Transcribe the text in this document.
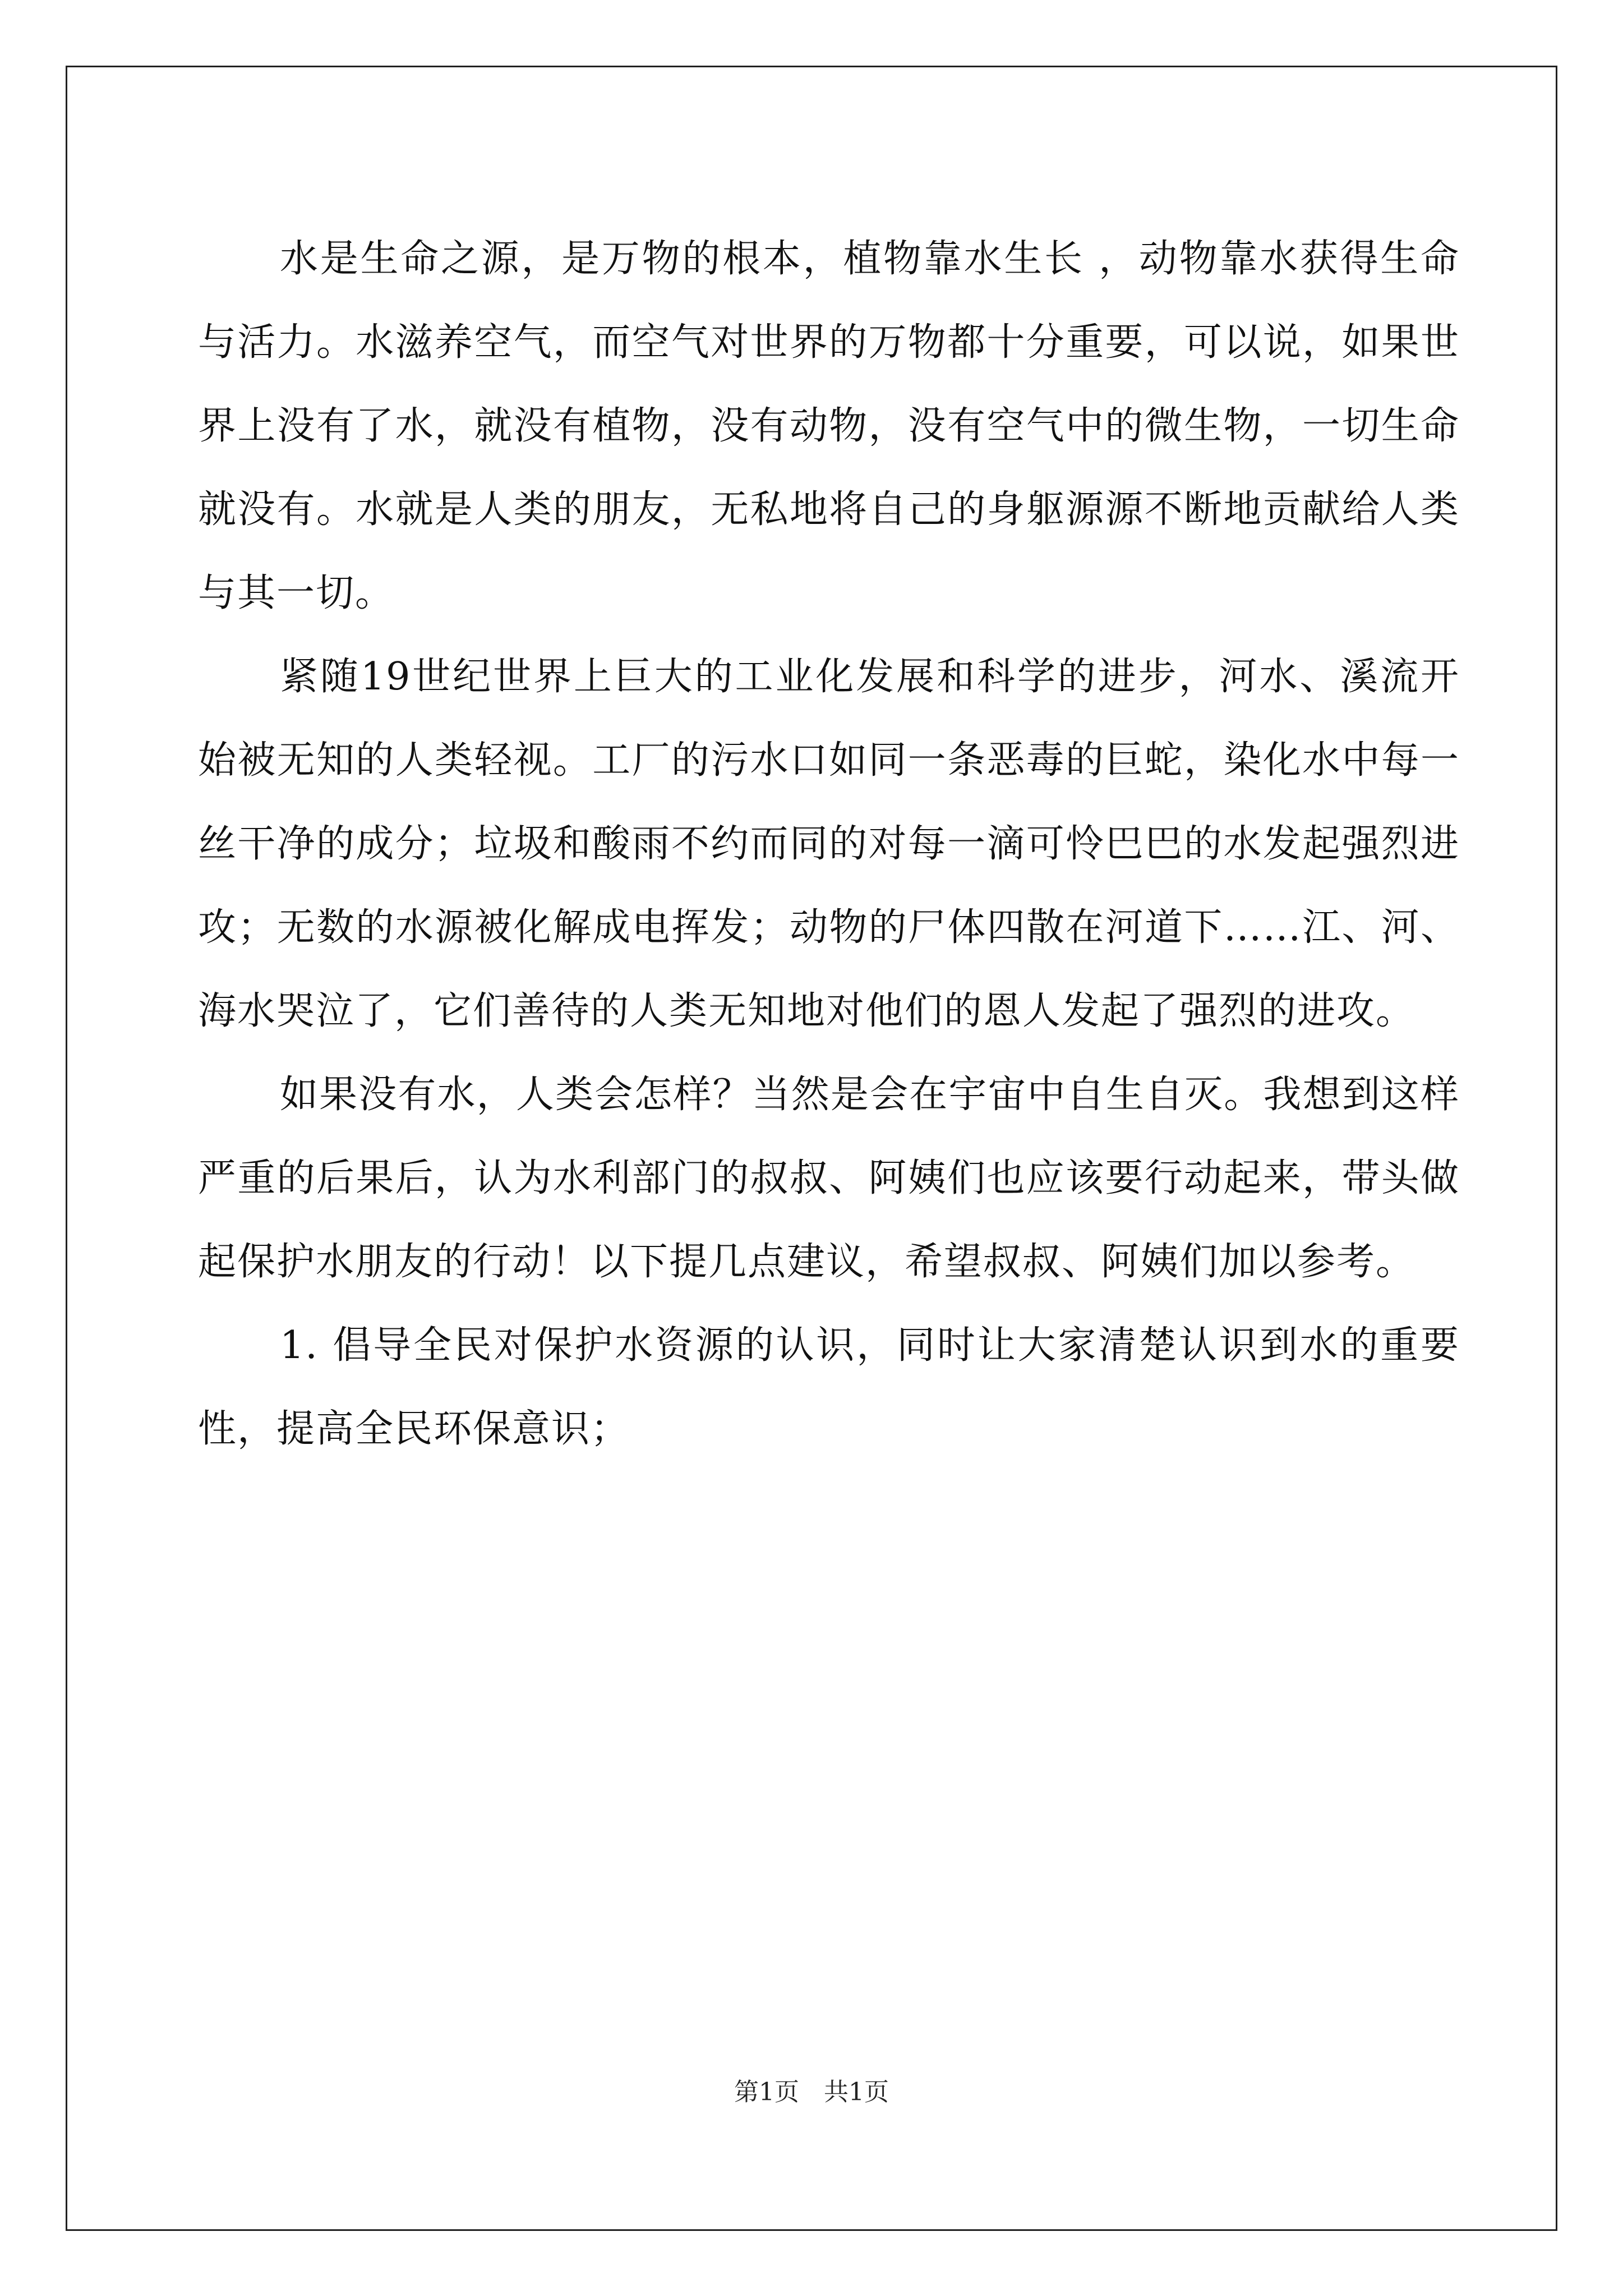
水是生命之源，是万物的根本，植物靠水生长 ，动物靠水获得生命与活力。水滋养空气，而空气对世界的万物都十分重要，可以说，如果世界上没有了水，就没有植物，没有动物，没有空气中的微生物，一切生命就没有。水就是人类的朋友，无私地将自己的身躯源源不断地贡献给人类与其一切。

紧随19世纪世界上巨大的工业化发展和科学的进步，河水、溪流开始被无知的人类轻视。工厂的污水口如同一条恶毒的巨蛇，染化水中每一丝干净的成分；垃圾和酸雨不约而同的对每一滴可怜巴巴的水发起强烈进攻；无数的水源被化解成电挥发；动物的尸体四散在河道下……江、河、海水哭泣了，它们善待的人类无知地对他们的恩人发起了强烈的进攻。

如果没有水，人类会怎样？当然是会在宇宙中自生自灭。我想到这样严重的后果后，认为水利部门的叔叔、阿姨们也应该要行动起来，带头做起保护水朋友的行动！以下提几点建议，希望叔叔、阿姨们加以参考。

1. 倡导全民对保护水资源的认识，同时让大家清楚认识到水的重要性，提高全民环保意识；

第1页　共1页
